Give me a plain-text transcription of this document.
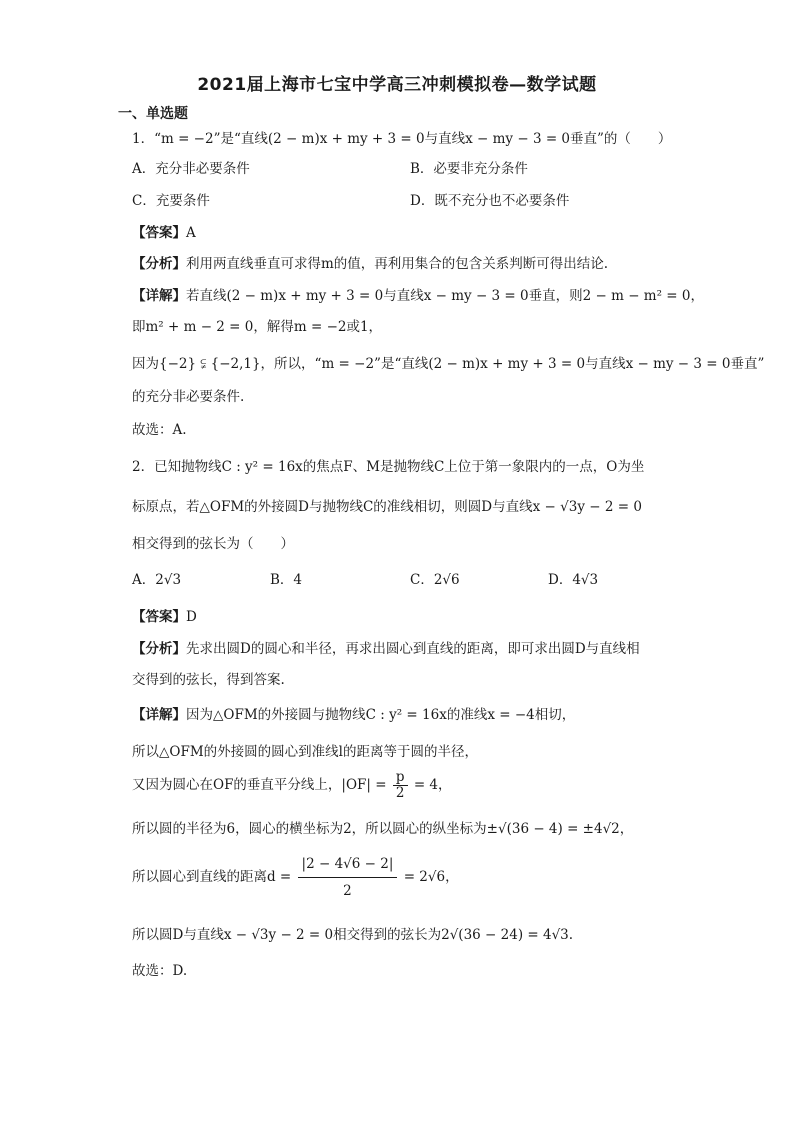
2021届上海市七宝中学高三冲刺模拟卷—数学试题
一、单选题
1．“m = −2”是“直线(2 − m)x + my + 3 = 0与直线x − my − 3 = 0垂直”的（　　）
A．充分非必要条件	B．必要非充分条件
C．充要条件	D．既不充分也不必要条件
【答案】A
【分析】利用两直线垂直可求得m的值，再利用集合的包含关系判断可得出结论.
【详解】若直线(2 − m)x + my + 3 = 0与直线x − my − 3 = 0垂直，则2 − m − m² = 0，
即m² + m − 2 = 0，解得m = −2或1，
因为{−2} ⫋ {−2,1}，所以，“m = −2”是“直线(2 − m)x + my + 3 = 0与直线x − my − 3 = 0垂直”
的充分非必要条件.
故选：A.
2．已知抛物线C : y² = 16x的焦点F、M是抛物线C上位于第一象限内的一点，O为坐
标原点，若△OFM的外接圆D与抛物线C的准线相切，则圆D与直线x − √3y − 2 = 0
相交得到的弦长为（　　）
A．2√3	B．4	C．2√6	D．4√3
【答案】D
【分析】先求出圆D的圆心和半径，再求出圆心到直线的距离，即可求出圆D与直线相
交得到的弦长，得到答案.
【详解】因为△OFM的外接圆与抛物线C : y² = 16x的准线x = −4相切，
所以△OFM的外接圆的圆心到准线l的距离等于圆的半径，
又因为圆心在OF的垂直平分线上，$|OF| = \frac{p}{2} = 4$，
所以圆的半径为6，圆心的横坐标为2，所以圆心的纵坐标为±√(36 − 4) = ±4√2，
所以圆心到直线的距离$d = \frac{|2 - 4√6 - 2|}{2} = 2√6$，
所以圆D与直线x − √3y − 2 = 0相交得到的弦长为2√(36 − 24) = 4√3.
故选：D.
